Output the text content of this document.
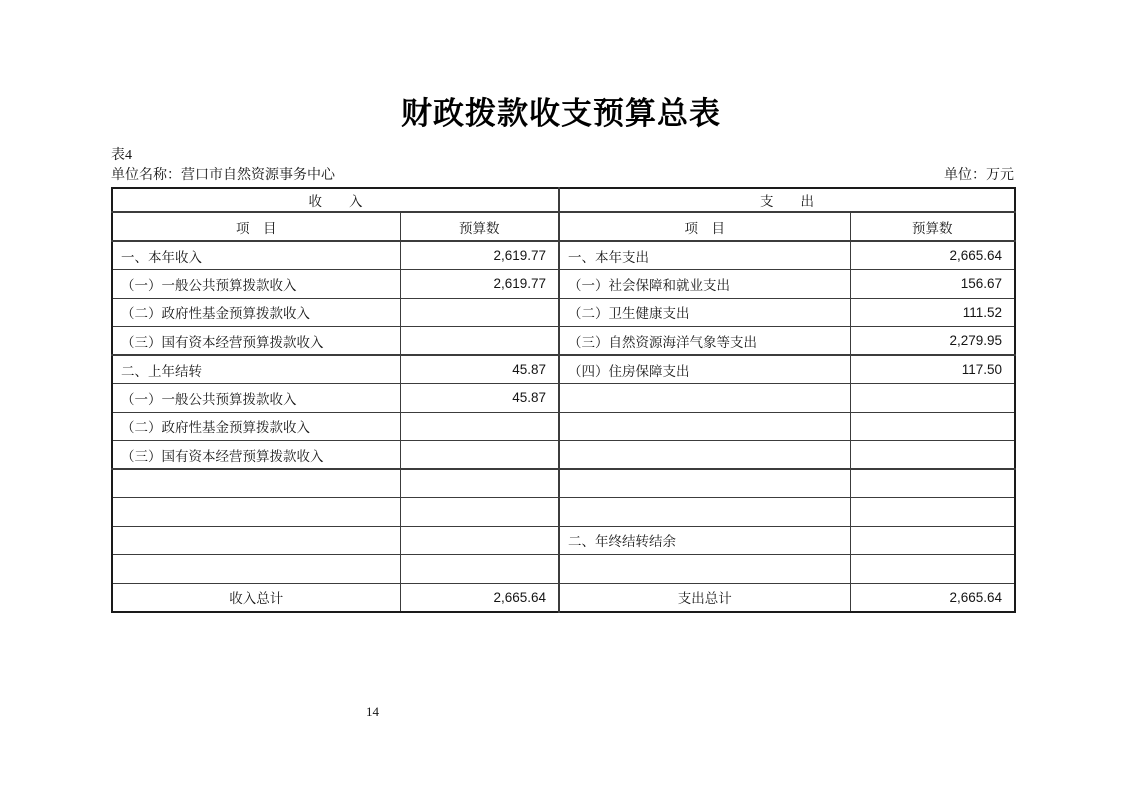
财政拨款收支预算总表
表4
单位名称：营口市自然资源事务中心	单位：万元
收　　入		支　　出	
项　目	预算数	项　目	预算数
一、本年收入	2,619.77	一、本年支出	2,665.64
（一）一般公共预算拨款收入	2,619.77	（一）社会保障和就业支出	156.67
（二）政府性基金预算拨款收入		（二）卫生健康支出	111.52
（三）国有资本经营预算拨款收入		（三）自然资源海洋气象等支出	2,279.95
二、上年结转	45.87	（四）住房保障支出	117.50
（一）一般公共预算拨款收入	45.87		
（二）政府性基金预算拨款收入			
（三）国有资本经营预算拨款收入			

		二、年终结转结余	

收入总计	2,665.64	支出总计	2,665.64
14
